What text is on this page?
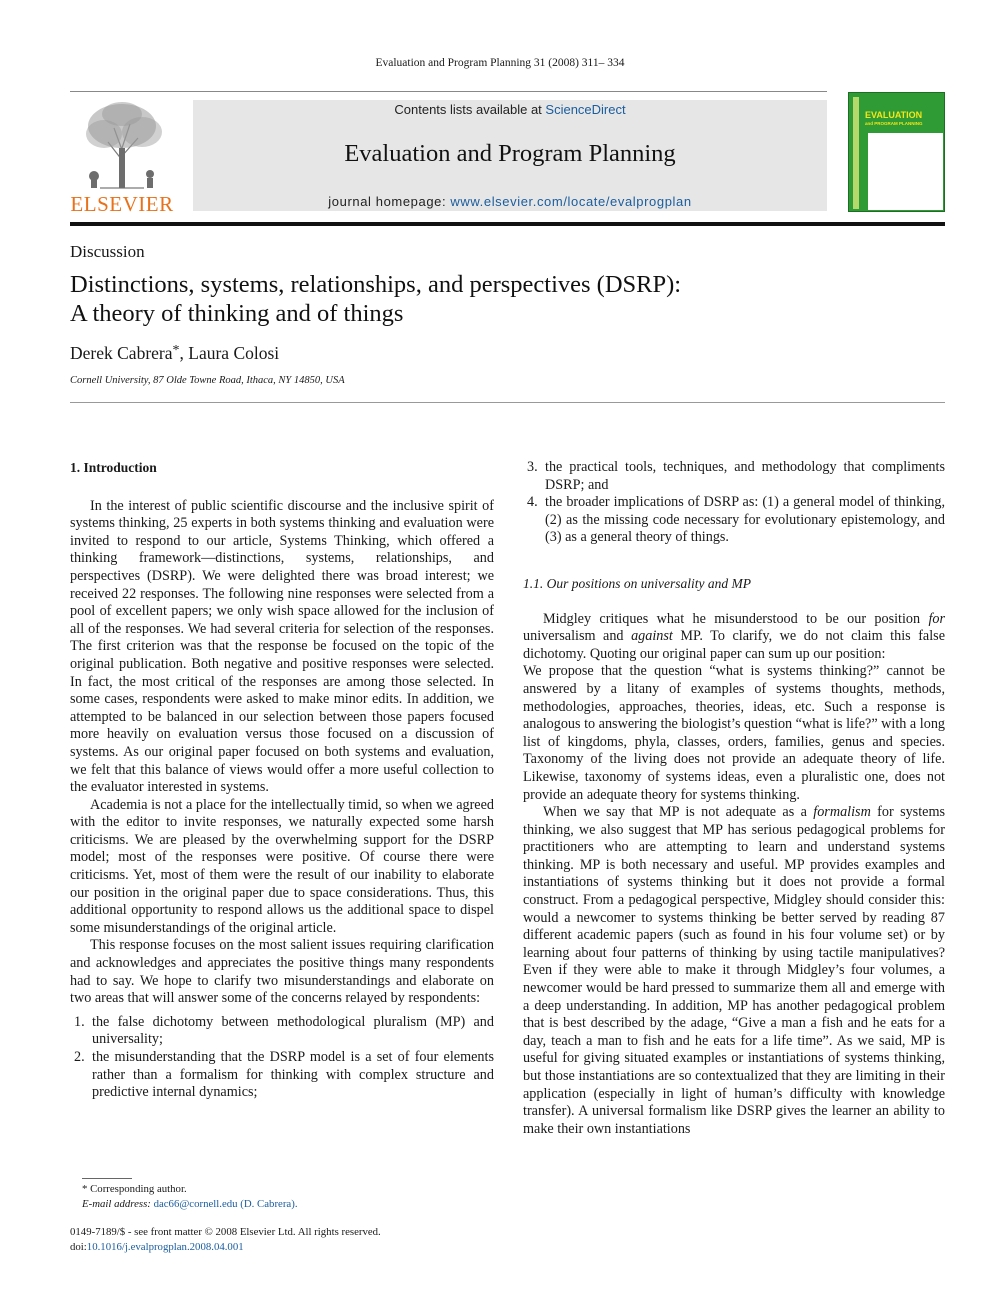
Evaluation and Program Planning 31 (2008) 311– 334
ELSEVIER
Contents lists available at ScienceDirect
Evaluation and Program Planning
journal homepage: www.elsevier.com/locate/evalprogplan
EVALUATION
and PROGRAM PLANNING
Discussion
Distinctions, systems, relationships, and perspectives (DSRP):
A theory of thinking and of things
Derek Cabrera*, Laura Colosi
Cornell University, 87 Olde Towne Road, Ithaca, NY 14850, USA
1. Introduction

In the interest of public scientific discourse and the inclusive spirit of systems thinking, 25 experts in both systems thinking and evaluation were invited to respond to our article, Systems Thinking, which offered a thinking framework—distinctions, systems, relationships, and perspectives (DSRP). We were delighted there was broad interest; we received 22 responses. The following nine responses were selected from a pool of excellent papers; we only wish space allowed for the inclusion of all of the responses. We had several criteria for selection of the responses. The first criterion was that the response be focused on the topic of the original publication. Both negative and positive responses were selected. In fact, the most critical of the responses are among those selected. In some cases, respondents were asked to make minor edits. In addition, we attempted to be balanced in our selection between those papers focused more heavily on evaluation versus those focused on a discussion of systems. As our original paper focused on both systems and evaluation, we felt that this balance of views would offer a more useful collection to the evaluator interested in systems.

Academia is not a place for the intellectually timid, so when we agreed with the editor to invite responses, we naturally expected some harsh criticisms. We are pleased by the overwhelming support for the DSRP model; most of the responses were positive. Of course there were criticisms. Yet, most of them were the result of our inability to elaborate our position in the original paper due to space considerations. Thus, this additional opportunity to respond allows us the additional space to dispel some misunderstandings of the original article.

This response focuses on the most salient issues requiring clarification and acknowledges and appreciates the positive things many respondents had to say. We hope to clarify two misunderstandings and elaborate on two areas that will answer some of the concerns relayed by respondents:

1. the false dichotomy between methodological pluralism (MP) and universality;
2. the misunderstanding that the DSRP model is a set of four elements rather than a formalism for thinking with complex structure and predictive internal dynamics;
* Corresponding author.
E-mail address: dac66@cornell.edu (D. Cabrera).
0149-7189/$ - see front matter © 2008 Elsevier Ltd. All rights reserved.
doi:10.1016/j.evalprogplan.2008.04.001
3. the practical tools, techniques, and methodology that compliments DSRP; and
4. the broader implications of DSRP as: (1) a general model of thinking, (2) as the missing code necessary for evolutionary epistemology, and (3) as a general theory of things.
1.1. Our positions on universality and MP

Midgley critiques what he misunderstood to be our position for universalism and against MP. To clarify, we do not claim this false dichotomy. Quoting our original paper can sum up our position:

We propose that the question “what is systems thinking?” cannot be answered by a litany of examples of systems thoughts, methods, methodologies, approaches, theories, ideas, etc. Such a response is analogous to answering the biologist’s question “what is life?” with a long list of kingdoms, phyla, classes, orders, families, genus and species. Taxonomy of the living does not provide an adequate theory of life. Likewise, taxonomy of systems ideas, even a pluralistic one, does not provide an adequate theory for systems thinking.

When we say that MP is not adequate as a formalism for systems thinking, we also suggest that MP has serious pedagogical problems for practitioners who are attempting to learn and understand systems thinking. MP is both necessary and useful. MP provides examples and instantiations of systems thinking but it does not provide a formal construct. From a pedagogical perspective, Midgley should consider this: would a newcomer to systems thinking be better served by reading 87 different academic papers (such as found in his four volume set) or by learning about four patterns of thinking by using tactile manipulatives? Even if they were able to make it through Midgley’s four volumes, a newcomer would be hard pressed to summarize them all and emerge with a deep understanding. In addition, MP has another pedagogical problem that is best described by the adage, “Give a man a fish and he eats for a day, teach a man to fish and he eats for a life time”. As we said, MP is useful for giving situated examples or instantiations of systems thinking, but those instantiations are so contextualized that they are limiting in their application (especially in light of human’s difficulty with knowledge transfer). A universal formalism like DSRP gives the learner an ability to make their own instantiations
